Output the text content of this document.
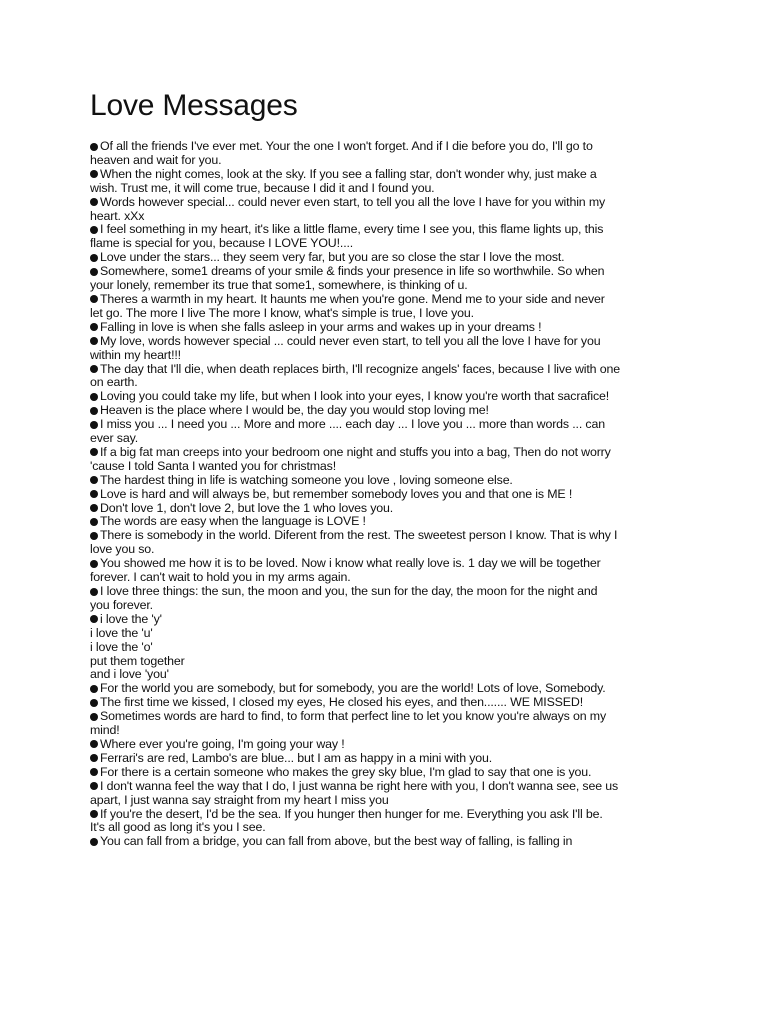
Love Messages
Of all the friends I've ever met. Your the one I won't forget. And if I die before you do, I'll go to heaven and wait for you.
When the night comes, look at the sky. If you see a falling star, don't wonder why, just make a wish. Trust me, it will come true, because I did it and I found you.
Words however special... could never even start, to tell you all the love I have for you within my heart. xXx
I feel something in my heart, it's like a little flame, every time I see you, this flame lights up, this flame is special for you, because I LOVE YOU!....
Love under the stars... they seem very far, but you are so close the star I love the most.
Somewhere, some1 dreams of your smile & finds your presence in life so worthwhile. So when your lonely, remember its true that some1, somewhere, is thinking of u.
Theres a warmth in my heart. It haunts me when you're gone. Mend me to your side and never let go. The more I live The more I know, what's simple is true, I love you.
Falling in love is when she falls asleep in your arms and wakes up in your dreams !
My love, words however special ... could never even start, to tell you all the love I have for you within my heart!!!
The day that I'll die, when death replaces birth, I'll recognize angels' faces, because I live with one on earth.
Loving you could take my life, but when I look into your eyes, I know you're worth that sacrafice!
Heaven is the place where I would be, the day you would stop loving me!
I miss you ... I need you ... More and more .... each day ... I love you ... more than words ... can ever say.
If a big fat man creeps into your bedroom one night and stuffs you into a bag, Then do not worry 'cause I told Santa I wanted you for christmas!
The hardest thing in life is watching someone you love , loving someone else.
Love is hard and will always be, but remember somebody loves you and that one is ME !
Don't love 1, don't love 2, but love the 1 who loves you.
The words are easy when the language is LOVE !
There is somebody in the world. Diferent from the rest. The sweetest person I know. That is why I love you so.
You showed me how it is to be loved. Now i know what really love is. 1 day we will be together forever. I can't wait to hold you in my arms again.
I love three things: the sun, the moon and you, the sun for the day, the moon for the night and you forever.
i love the 'y'
i love the 'u'
i love the 'o'
put them together
and i love 'you'
For the world you are somebody, but for somebody, you are the world! Lots of love, Somebody.
The first time we kissed, I closed my eyes, He closed his eyes, and then....... WE MISSED!
Sometimes words are hard to find, to form that perfect line to let you know you're always on my mind!
Where ever you're going, I'm going your way !
Ferrari's are red, Lambo's are blue... but I am as happy in a mini with you.
For there is a certain someone who makes the grey sky blue, I'm glad to say that one is you.
I don't wanna feel the way that I do, I just wanna be right here with you, I don't wanna see, see us apart, I just wanna say straight from my heart I miss you
If you're the desert, I'd be the sea. If you hunger then hunger for me. Everything you ask I'll be. It's all good as long it's you I see.
You can fall from a bridge, you can fall from above, but the best way of falling, is falling in
